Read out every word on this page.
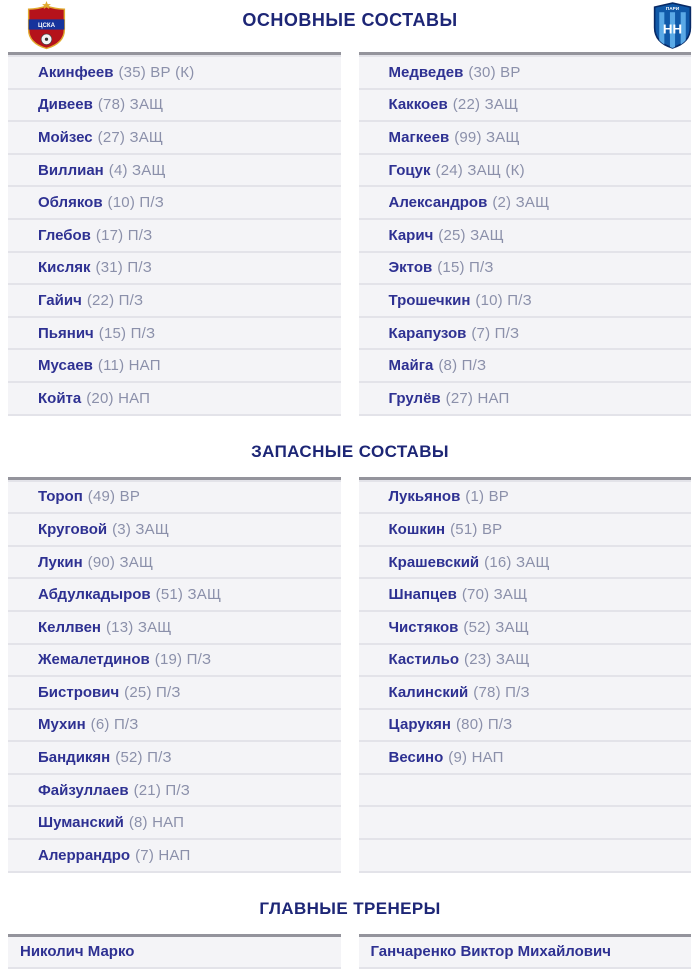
ЦСКА	ОСНОВНЫЕ СОСТАВЫ
ПАРИ
НН
Акинфеев (35) ВР (К)
Дивеев (78) ЗАЩ
Мойзес (27) ЗАЩ
Виллиан (4) ЗАЩ
Обляков (10) П/З
Глебов (17) П/З
Кисляк (31) П/З
Гайич (22) П/З
Пьянич (15) П/З
Мусаев (11) НАП
Койта (20) НАП
Медведев (30) ВР
Каккоев (22) ЗАЩ
Магкеев (99) ЗАЩ
Гоцук (24) ЗАЩ (К)
Александров (2) ЗАЩ
Карич (25) ЗАЩ
Эктов (15) П/З
Трошечкин (10) П/З
Карапузов (7) П/З
Майга (8) П/З
Грулёв (27) НАП
ЗАПАСНЫЕ СОСТАВЫ
Тороп (49) ВР
Круговой (3) ЗАЩ
Лукин (90) ЗАЩ
Абдулкадыров (51) ЗАЩ
Келлвен (13) ЗАЩ
Жемалетдинов (19) П/З
Бистрович (25) П/З
Мухин (6) П/З
Бандикян (52) П/З
Файзуллаев (21) П/З
Шуманский (8) НАП
Алеррандро (7) НАП
Лукьянов (1) ВР
Кошкин (51) ВР
Крашевский (16) ЗАЩ
Шнапцев (70) ЗАЩ
Чистяков (52) ЗАЩ
Кастильо (23) ЗАЩ
Калинский (78) П/З
Царукян (80) П/З
Весино (9) НАП
ГЛАВНЫЕ ТРЕНЕРЫ
Николич Марко	Ганчаренко Виктор Михайлович
